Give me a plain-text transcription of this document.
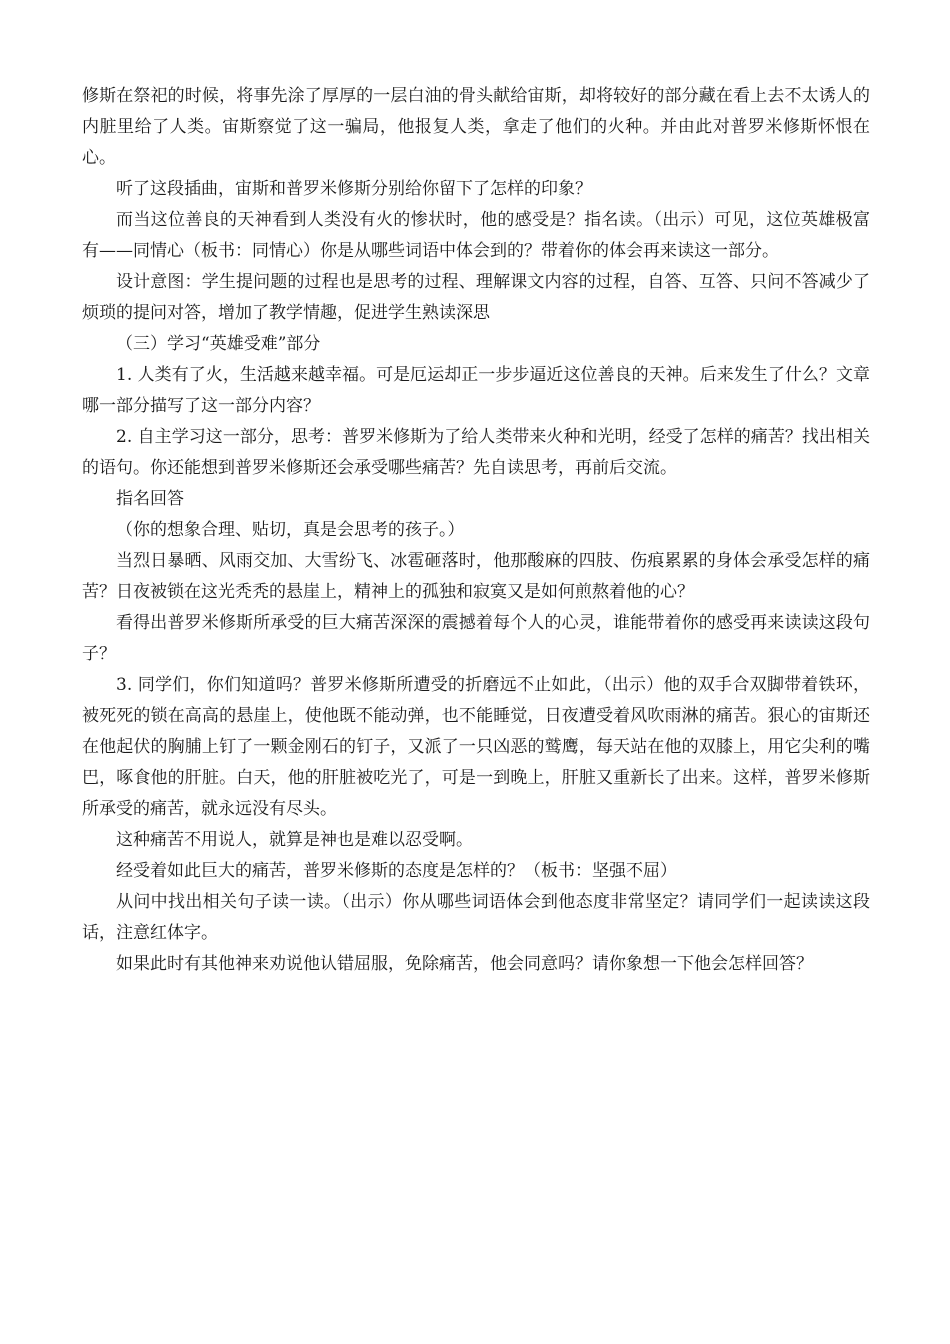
修斯在祭祀的时候，将事先涂了厚厚的一层白油的骨头献给宙斯，却将较好的部分藏在看上去不太诱人的内脏里给了人类。宙斯察觉了这一骗局，他报复人类，拿走了他们的火种。并由此对普罗米修斯怀恨在心。

听了这段插曲，宙斯和普罗米修斯分别给你留下了怎样的印象？

而当这位善良的天神看到人类没有火的惨状时，他的感受是？指名读。（出示）可见，这位英雄极富有——同情心（板书：同情心）你是从哪些词语中体会到的？带着你的体会再来读这一部分。

设计意图：学生提问题的过程也是思考的过程、理解课文内容的过程，自答、互答、只问不答减少了烦琐的提问对答，增加了教学情趣，促进学生熟读深思

（三）学习“英雄受难”部分

1. 人类有了火，生活越来越幸福。可是厄运却正一步步逼近这位善良的天神。后来发生了什么？文章哪一部分描写了这一部分内容？

2. 自主学习这一部分，思考：普罗米修斯为了给人类带来火种和光明，经受了怎样的痛苦？找出相关的语句。你还能想到普罗米修斯还会承受哪些痛苦？先自读思考，再前后交流。

指名回答

（你的想象合理、贴切，真是会思考的孩子。）

当烈日暴晒、风雨交加、大雪纷飞、冰雹砸落时，他那酸麻的四肢、伤痕累累的身体会承受怎样的痛苦？日夜被锁在这光秃秃的悬崖上，精神上的孤独和寂寞又是如何煎熬着他的心？

看得出普罗米修斯所承受的巨大痛苦深深的震撼着每个人的心灵，谁能带着你的感受再来读读这段句子？

3. 同学们，你们知道吗？普罗米修斯所遭受的折磨远不止如此，（出示）他的双手合双脚带着铁环，被死死的锁在高高的悬崖上，使他既不能动弹，也不能睡觉，日夜遭受着风吹雨淋的痛苦。狠心的宙斯还在他起伏的胸脯上钉了一颗金刚石的钉子，又派了一只凶恶的鹫鹰，每天站在他的双膝上，用它尖利的嘴巴，啄食他的肝脏。白天，他的肝脏被吃光了，可是一到晚上，肝脏又重新长了出来。这样，普罗米修斯所承受的痛苦，就永远没有尽头。

这种痛苦不用说人，就算是神也是难以忍受啊。

经受着如此巨大的痛苦，普罗米修斯的态度是怎样的？（板书：坚强不屈）

从问中找出相关句子读一读。（出示）你从哪些词语体会到他态度非常坚定？请同学们一起读读这段话，注意红体字。

如果此时有其他神来劝说他认错屈服，免除痛苦，他会同意吗？请你象想一下他会怎样回答？
